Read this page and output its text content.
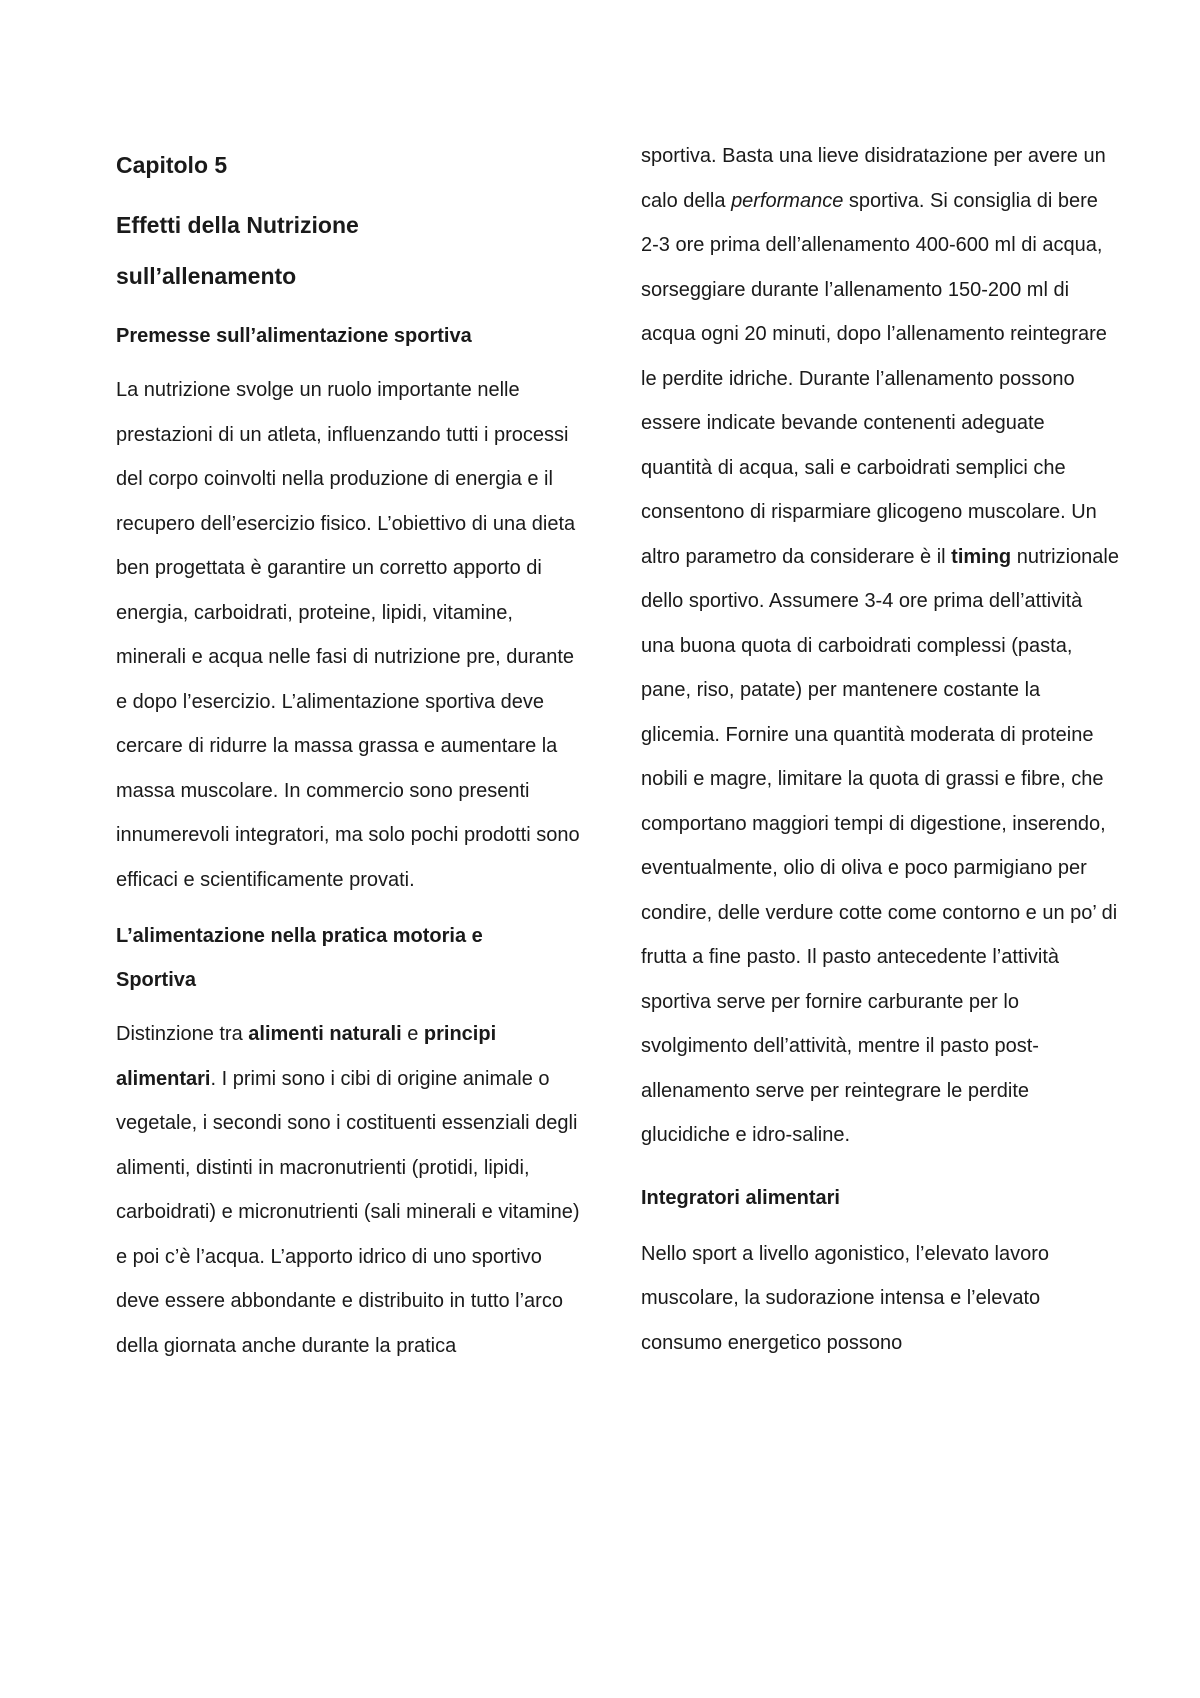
Capitolo 5
Effetti della Nutrizione sull’allenamento
Premesse sull’alimentazione sportiva

La nutrizione svolge un ruolo importante nelle prestazioni di un atleta, influenzando tutti i processi del corpo coinvolti nella produzione di energia e il recupero dell’esercizio fisico. L’obiettivo di una dieta ben progettata è garantire un corretto apporto di energia, carboidrati, proteine, lipidi, vitamine, minerali e acqua nelle fasi di nutrizione pre, durante e dopo l’esercizio. L’alimentazione sportiva deve cercare di ridurre la massa grassa e aumentare la massa muscolare. In commercio sono presenti innumerevoli integratori, ma solo pochi prodotti sono efficaci e scientificamente provati.

L’alimentazione nella pratica motoria e Sportiva

Distinzione tra alimenti naturali e principi alimentari. I primi sono i cibi di origine animale o vegetale, i secondi sono i costituenti essenziali degli alimenti, distinti in macronutrienti (protidi, lipidi, carboidrati) e micronutrienti (sali minerali e vitamine) e poi c’è l’acqua. L’apporto idrico di uno sportivo deve essere abbondante e distribuito in tutto l’arco della giornata anche durante la pratica

sportiva. Basta una lieve disidratazione per avere un calo della performance sportiva. Si consiglia di bere 2-3 ore prima dell’allenamento 400-600 ml di acqua, sorseggiare durante l’allenamento 150-200 ml di acqua ogni 20 minuti, dopo l’allenamento reintegrare le perdite idriche. Durante l’allenamento possono essere indicate bevande contenenti adeguate quantità di acqua, sali e carboidrati semplici che consentono di risparmiare glicogeno muscolare. Un altro parametro da considerare è il timing nutrizionale dello sportivo. Assumere 3-4 ore prima dell’attività una buona quota di carboidrati complessi (pasta, pane, riso, patate) per mantenere costante la glicemia. Fornire una quantità moderata di proteine nobili e magre, limitare la quota di grassi e fibre, che comportano maggiori tempi di digestione, inserendo, eventualmente, olio di oliva e poco parmigiano per condire, delle verdure cotte come contorno e un po’ di frutta a fine pasto. Il pasto antecedente l’attività sportiva serve per fornire carburante per lo svolgimento dell’attività, mentre il pasto post-allenamento serve per reintegrare le perdite glucidiche e idro-saline.

Integratori alimentari

Nello sport a livello agonistico, l’elevato lavoro muscolare, la sudorazione intensa e l’elevato consumo energetico possono
